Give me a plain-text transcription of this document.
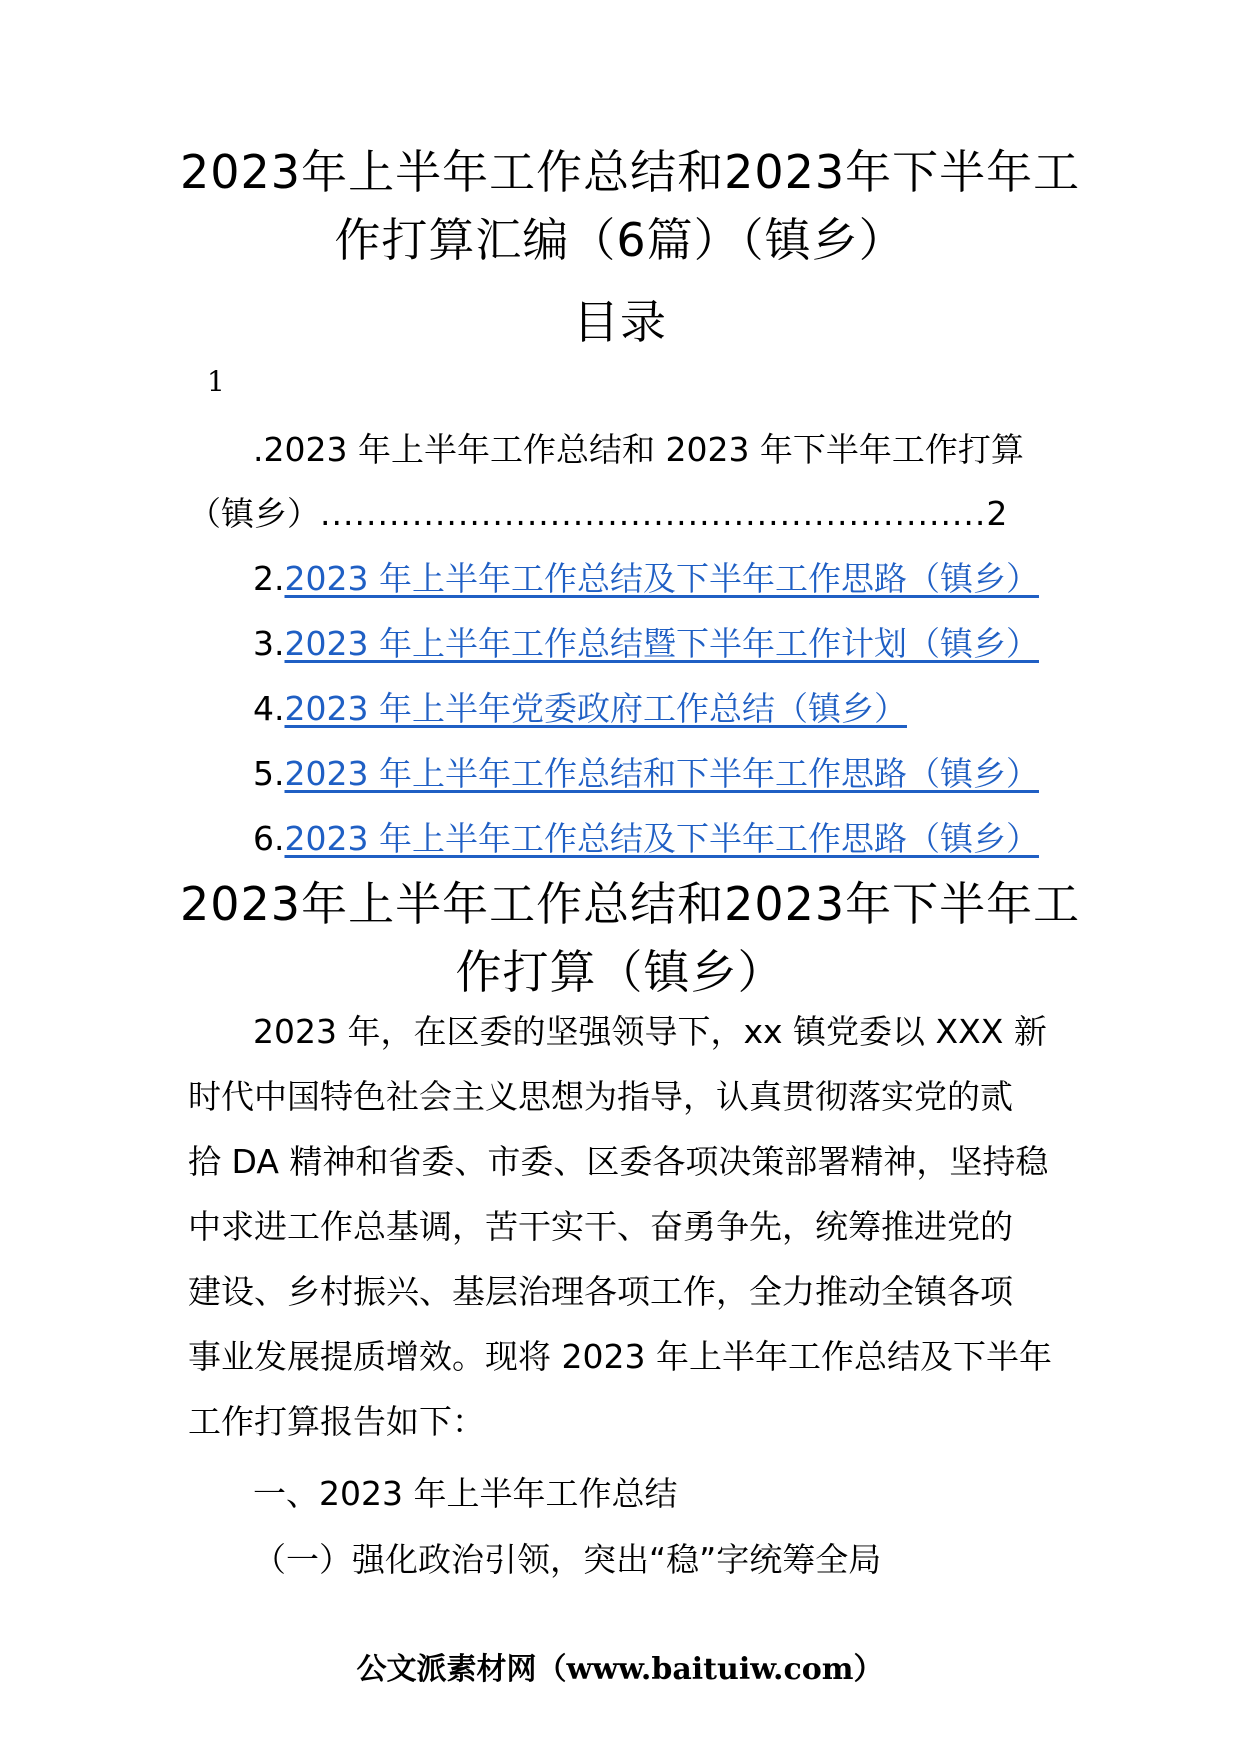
2023年上半年工作总结和2023年下半年工
作打算汇编（6篇）（镇乡）
目录
1
.2023 年上半年工作总结和 2023 年下半年工作打算
（镇乡）..........................................................2
2.2023 年上半年工作总结及下半年工作思路（镇乡）
3.2023 年上半年工作总结暨下半年工作计划（镇乡）
4.2023 年上半年党委政府工作总结（镇乡）
5.2023 年上半年工作总结和下半年工作思路（镇乡）
6.2023 年上半年工作总结及下半年工作思路（镇乡）
2023年上半年工作总结和2023年下半年工
作打算（镇乡）
2023 年，在区委的坚强领导下，xx 镇党委以 XXX 新
时代中国特色社会主义思想为指导，认真贯彻落实党的贰
拾 DA 精神和省委、市委、区委各项决策部署精神，坚持稳
中求进工作总基调，苦干实干、奋勇争先，统筹推进党的
建设、乡村振兴、基层治理各项工作，全力推动全镇各项
事业发展提质增效。现将 2023 年上半年工作总结及下半年
工作打算报告如下：
一、2023 年上半年工作总结
（一）强化政治引领，突出“稳”字统筹全局
公文派素材网（www.baituiw.com）
